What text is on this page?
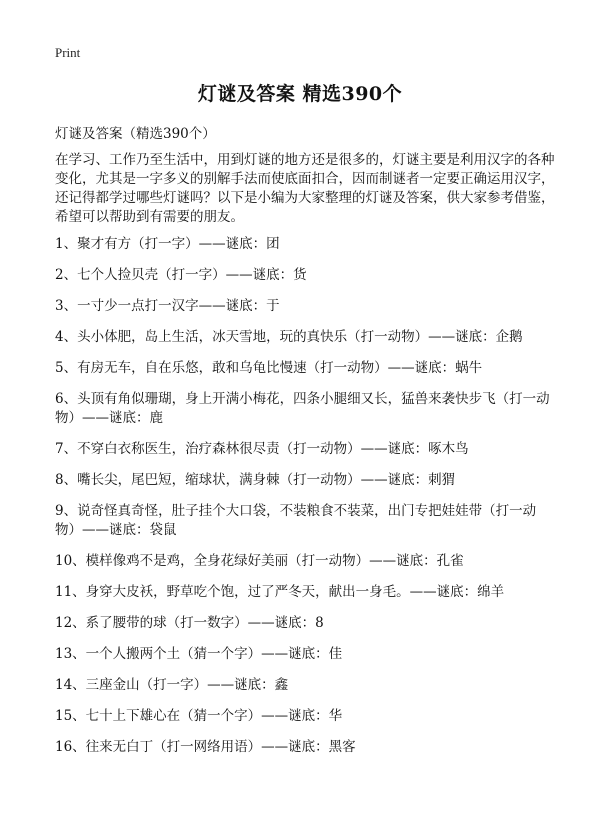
Print
灯谜及答案 精选390个
灯谜及答案（精选390个）
在学习、工作乃至生活中，用到灯谜的地方还是很多的，灯谜主要是利用汉字的各种变化，尤其是一字多义的别解手法而使底面扣合，因而制谜者一定要正确运用汉字，还记得都学过哪些灯谜吗？以下是小编为大家整理的灯谜及答案，供大家参考借鉴，希望可以帮助到有需要的朋友。
1、聚才有方（打一字）——谜底：团
2、七个人捡贝壳（打一字）——谜底：货
3、一寸少一点打一汉字——谜底：于
4、头小体肥，岛上生活，冰天雪地，玩的真快乐（打一动物）——谜底：企鹅
5、有房无车，自在乐悠，敢和乌龟比慢速（打一动物）——谜底：蜗牛
6、头顶有角似珊瑚，身上开满小梅花，四条小腿细又长，猛兽来袭快步飞（打一动物）——谜底：鹿
7、不穿白衣称医生，治疗森林很尽责（打一动物）——谜底：啄木鸟
8、嘴长尖，尾巴短，缩球状，满身棘（打一动物）——谜底：刺猬
9、说奇怪真奇怪，肚子挂个大口袋，不装粮食不装菜，出门专把娃娃带（打一动物）——谜底：袋鼠
10、模样像鸡不是鸡，全身花绿好美丽（打一动物）——谜底：孔雀
11、身穿大皮袄，野草吃个饱，过了严冬天，献出一身毛。——谜底：绵羊
12、系了腰带的球（打一数字）——谜底：8
13、一个人搬两个土（猜一个字）——谜底：佳
14、三座金山（打一字）——谜底：鑫
15、七十上下雄心在（猜一个字）——谜底：华
16、往来无白丁（打一网络用语）——谜底：黑客
